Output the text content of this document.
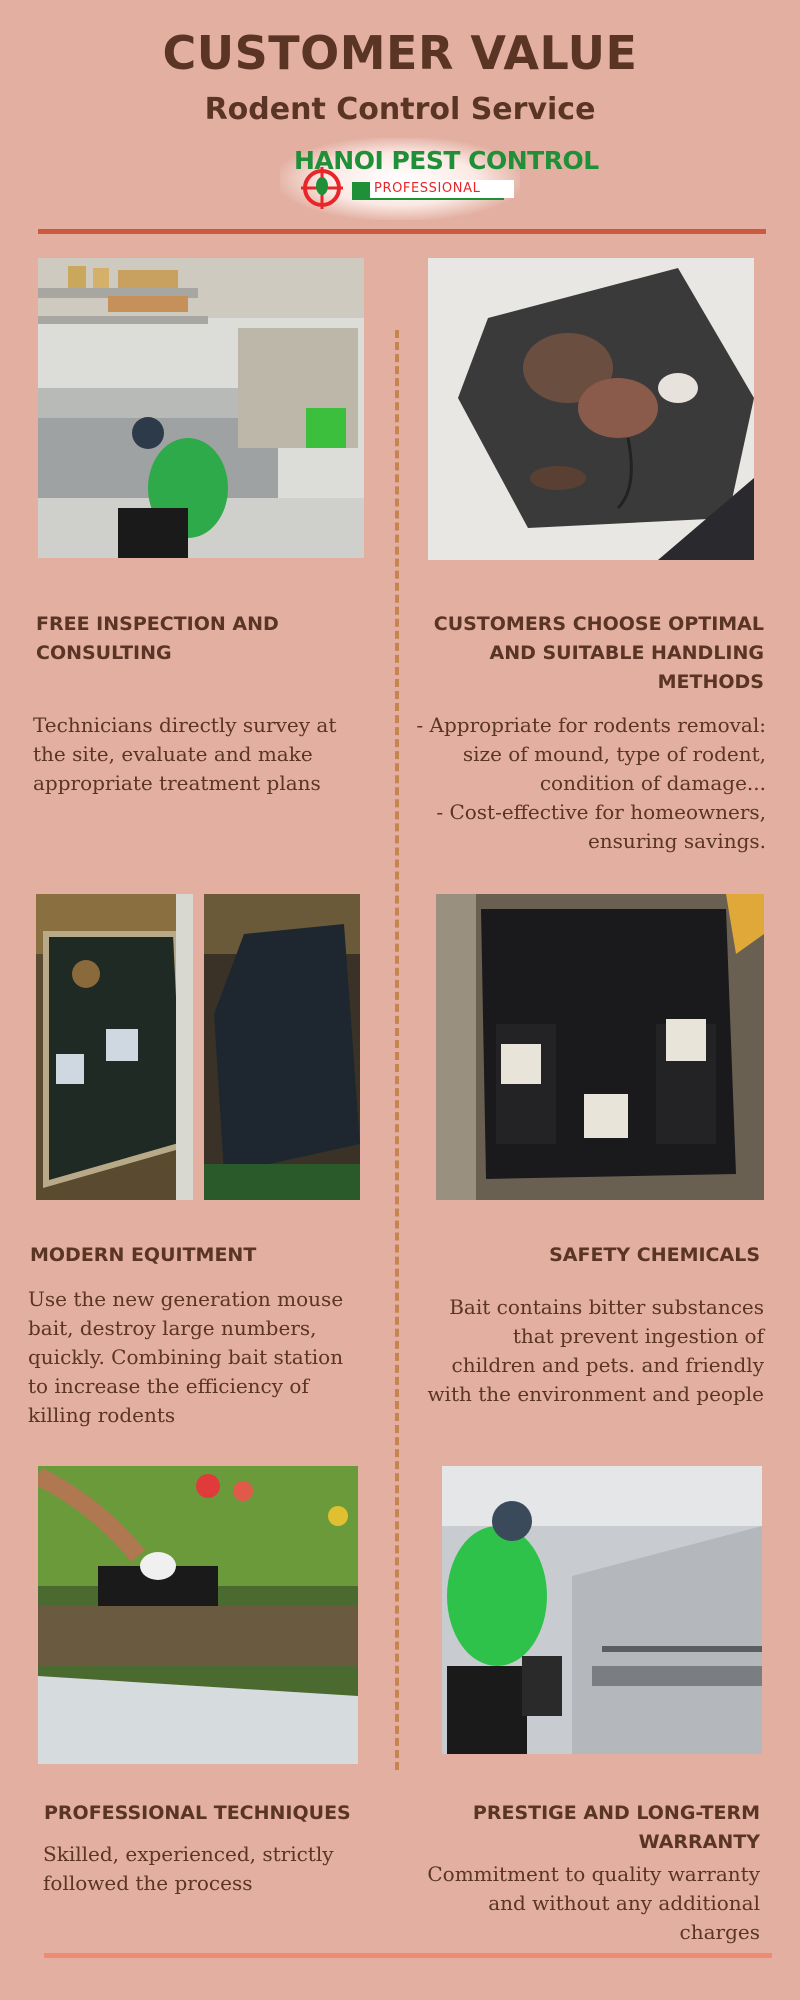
CUSTOMER VALUE
Rodent Control Service
HANOI PEST CONTROL
PROFESSIONAL
FREE INSPECTION AND CONSULTING
Technicians directly survey at the site, evaluate and make appropriate treatment plans
CUSTOMERS CHOOSE OPTIMAL AND SUITABLE HANDLING METHODS
- Appropriate for rodents removal: size of mound, type of rodent, condition of damage...
- Cost-effective for homeowners, ensuring savings.
MODERN EQUITMENT
Use the new generation mouse bait, destroy large numbers, quickly. Combining bait station to increase the efficiency of killing rodents
SAFETY CHEMICALS
Bait contains bitter substances that prevent ingestion of children and pets. and friendly with the environment and people
PROFESSIONAL TECHNIQUES
Skilled, experienced, strictly followed the process
PRESTIGE AND LONG-TERM WARRANTY
Commitment to quality warranty and without any additional charges
